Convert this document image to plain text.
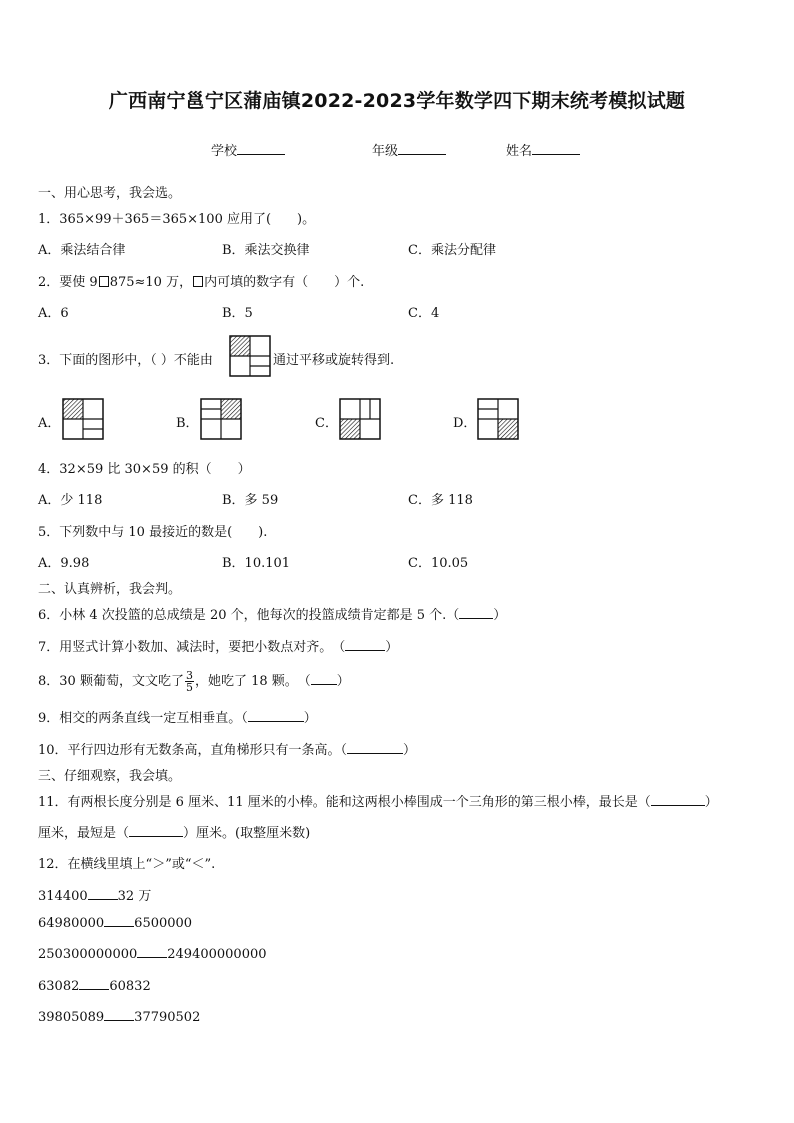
广西南宁邕宁区蒲庙镇2022-2023学年数学四下期末统考模拟试题
学校	年级	姓名
一、用心思考，我会选。
1．365×99＋365＝365×100 应用了(　　)。
A．乘法结合律	B．乘法交换律	C．乘法分配律
2．要使 9 875≈10 万， 内可填的数字有（　　）个.
A．6	B．5	C．4
3．下面的图形中，（ ）不能由	通过平移或旋转得到.
A．	B．	C．	D．
4．32×59 比 30×59 的积（　　）
A．少 118	B．多 59	C．多 118
5．下列数中与 10 最接近的数是(　　).
A．9.98	B．10.101	C．10.05
二、认真辨析，我会判。
6．小林 4 次投篮的总成绩是 20 个，他每次的投篮成绩肯定都是 5 个.（	）
7．用竖式计算小数加、减法时，要把小数点对齐。　（	）
8．30 颗葡萄，文文吃了 $\frac{3}{5}$ ，她吃了 18 颗。　（ ）
9．相交的两条直线一定互相垂直。（	）
10．平行四边形有无数条高，直角梯形只有一条高。（	）
三、仔细观察，我会填。
11．有两根长度分别是 6 厘米、11 厘米的小棒。能和这两根小棒围成一个三角形的第三根小棒，最长是（	）
厘米，最短是（	）厘米。(取整厘米数)
12．在横线里填上“＞”或“＜”.
314400 32 万
64980000 6500000
250300000000 249400000000
63082 60832
39805089 37790502
